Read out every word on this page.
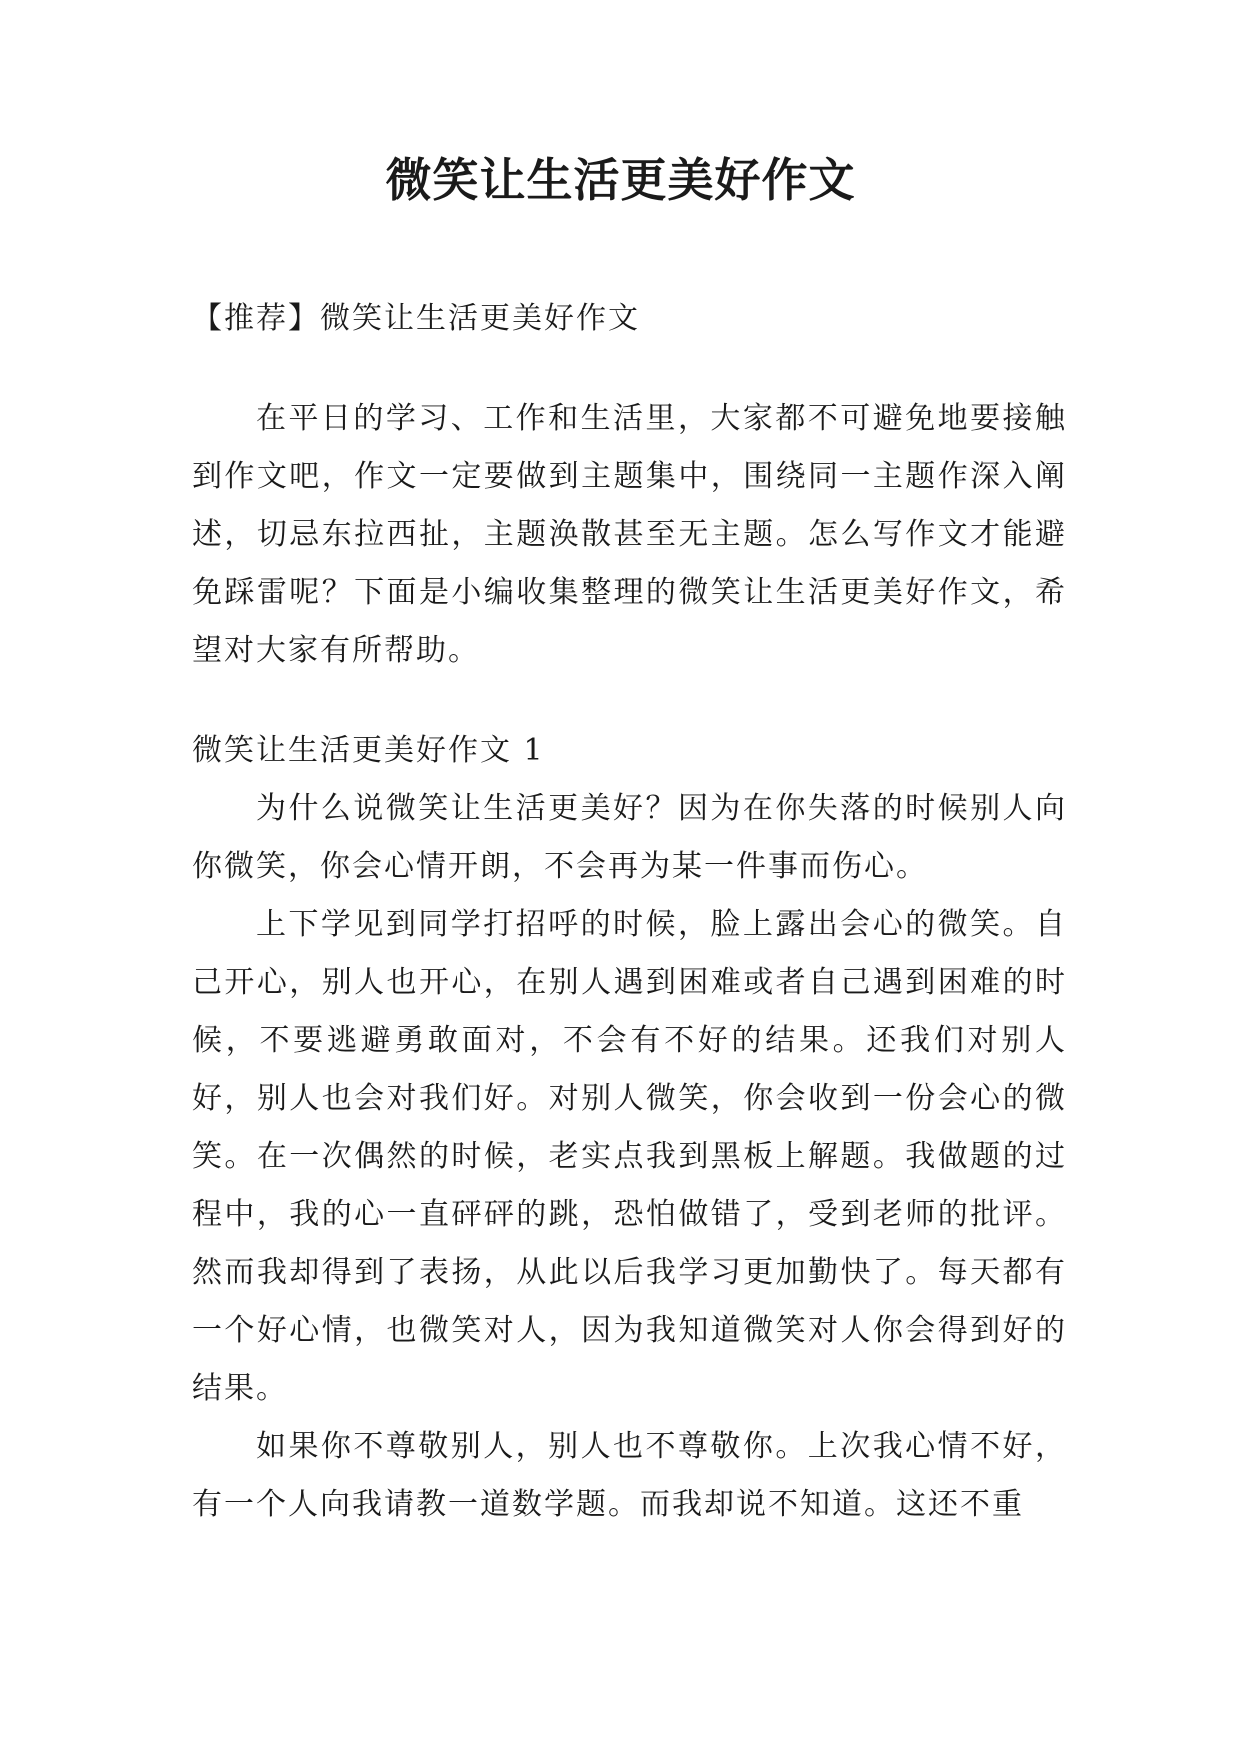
微笑让生活更美好作文

【推荐】微笑让生活更美好作文

在平日的学习、工作和生活里，大家都不可避免地要接触到作文吧，作文一定要做到主题集中，围绕同一主题作深入阐述，切忌东拉西扯，主题涣散甚至无主题。怎么写作文才能避免踩雷呢？下面是小编收集整理的微笑让生活更美好作文，希望对大家有所帮助。

微笑让生活更美好作文 1

为什么说微笑让生活更美好？因为在你失落的时候别人向你微笑，你会心情开朗，不会再为某一件事而伤心。

上下学见到同学打招呼的时候，脸上露出会心的微笑。自己开心，别人也开心，在别人遇到困难或者自己遇到困难的时候，不要逃避勇敢面对，不会有不好的结果。还我们对别人好，别人也会对我们好。对别人微笑，你会收到一份会心的微笑。在一次偶然的时候，老实点我到黑板上解题。我做题的过程中，我的心一直砰砰的跳，恐怕做错了，受到老师的批评。然而我却得到了表扬，从此以后我学习更加勤快了。每天都有一个好心情，也微笑对人，因为我知道微笑对人你会得到好的结果。

如果你不尊敬别人，别人也不尊敬你。上次我心情不好，有一个人向我请教一道数学题。而我却说不知道。这还不重
